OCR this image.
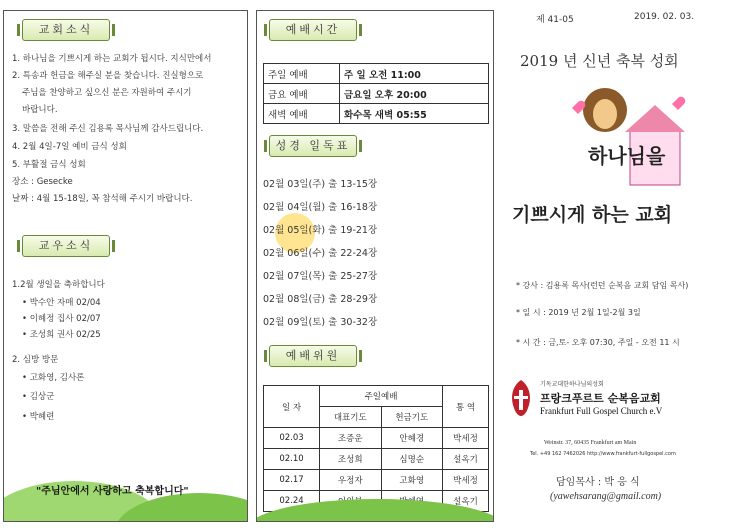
교회소식
1. 하나님을 기쁘시게 하는 교회가 됩시다. 지식만에서
2. 특송과 헌금을 해주실 분을 찾습니다. 진실형으로
주님을 찬양하고 싶으신 분은 자원하여 주시기
바랍니다.
3. 말씀을 전해 주신 김용록 목사님께 감사드립니다.
4. 2월 4일-7일 예비 금식 성회
5. 부활절 금식 성회
장소 : Gesecke
날짜 : 4월 15-18일, 꼭 참석해 주시기 바랍니다.
교우소식
1.2월 생일을 축하합니다
• 박수안 자매 02/04
• 이혜정 집사 02/07
• 조성희 권사 02/25
2. 심방 방문
• 고화영, 김사론
• 김상군
• 박혜련
"주님안에서 사랑하고 축복합니다"
예배시간
주일 예배	주 일 오전 11:00
금요 예배	금요일 오후 20:00
새벽 예배	화수목 새벽 05:55
성경 일독표
02월 03일(주) 출 13-15장
02월 04일(월) 출 16-18장
02월 05일(화) 출 19-21장
02월 06일(수) 출 22-24장
02월 07일(목) 출 25-27장
02월 08일(금) 출 28-29장
02월 09일(토) 출 30-32장
예배위원
일 자	주일예배		통 역
	대표기도	헌금기도	
02.03	조증운	안혜경	박세정
02.10	조성희	심명순	설옥기
02.17	우정자	고화영	박세정
02.24			설옥기
제 41-05	2019. 02. 03.
2019 년 신년 축복 성회
하나님을
기쁘시게 하는 교회
* 강사 : 김용록 목사(런던 순복음 교회 담임 목사)
* 일 시 : 2019 년 2월 1일-2월 3일
* 시 간 : 금,토- 오후 07:30, 주일 - 오전 11 시
기독교대한하나님의성회
프랑크푸르트 순복음교회
Frankfurt Full Gospel Church e.V
Weinstr. 37, 60435 Frankfurt am Main
Tel. +49 162 7462026 http://www.frankfurt-fullgospel.com
담임목사 : 박 응 식
(yawehsarang@gmail.com)
